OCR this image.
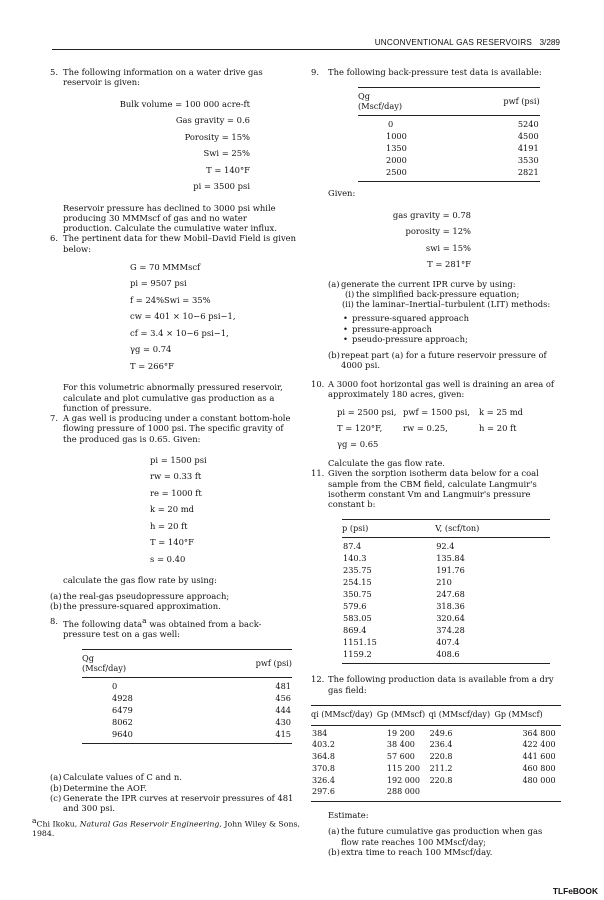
UNCONVENTIONAL GAS RESERVOIRS 3/289
5. The following information on a water drive gas reservoir is given:
Bulk volume = 100 000 acre-ft
Gas gravity = 0.6
Porosity = 15%
Swi = 25%
T = 140°F
pi = 3500 psi
Reservoir pressure has declined to 3000 psi while producing 30 MMMscf of gas and no water production. Calculate the cumulative water influx.
6. The pertinent data for thew Mobil–David Field is given below:
G = 70 MMMscf
pi = 9507 psi
f = 24%Swi = 35%
cw = 401 × 10−6 psi−1,
cf = 3.4 × 10−6 psi−1,
γg = 0.74
T = 266°F
For this volumetric abnormally pressured reservoir, calculate and plot cumulative gas production as a function of pressure.
7. A gas well is producing under a constant bottom-hole flowing pressure of 1000 psi. The specific gravity of the produced gas is 0.65. Given:
pi = 1500 psi
rw = 0.33 ft
re = 1000 ft
k = 20 md
h = 20 ft
T = 140°F
s = 0.40
calculate the gas flow rate by using:
(a) the real-gas pseudopressure approach;
(b) the pressure-squared approximation.
8. The following data$^a$ was obtained from a back-pressure test on a gas well:
Qg (Mscf/day)	pwf (psi)
0	481
4928	456
6479	444
8062	430
9640	415
(a) Calculate values of C and n.
(b) Determine the AOF.
(c) Generate the IPR curves at reservoir pressures of 481 and 300 psi.
$^a$Chi Ikoku, Natural Gas Reservoir Engineering, John Wiley & Sons, 1984.
9. The following back-pressure test data is available:
Qg (Mscf/day)	pwf (psi)
0	5240
1000	4500
1350	4191
2000	3530
2500	2821
Given:
gas gravity = 0.78
porosity = 12%
swi = 15%
T = 281°F
(a) generate the current IPR curve by using:
(i) the simplified back-pressure equation;
(ii) the laminar–Inertial–turbulent (LIT) methods:
• pressure-squared approach
• pressure-approach
• pseudo-pressure approach;
(b) repeat part (a) for a future reservoir pressure of 4000 psi.
10. A 3000 foot horizontal gas well is draining an area of approximately 180 acres, given:
pi = 2500 psi, pwf = 1500 psi, k = 25 md
T = 120°F, rw = 0.25,	h = 20 ft
γg = 0.65
Calculate the gas flow rate.
11. Given the sorption isotherm data below for a coal sample from the CBM field, calculate Langmuir's isotherm constant Vm and Langmuir's pressure constant b:
p (psi)	V, (scf/ton)
87.4	92.4
140.3	135.84
235.75	191.76
254.15	210
350.75	247.68
579.6	318.36
583.05	320.64
869.4	374.28
1151.15	407.4
1159.2	408.6
12. The following production data is available from a dry gas field:
qi (MMscf/day)	Gp (MMscf)	qi (MMscf/day)	Gp (MMscf)
384	19 200	249.6	364 800
403.2	38 400	236.4	422 400
364.8	57 600	220.8	441 600
370.8	115 200	211.2	460 800
326.4	192 000	220.8	480 000
297.6	288 000		
Estimate:
(a) the future cumulative gas production when gas flow rate reaches 100 MMscf/day;
(b) extra time to reach 100 MMscf/day.
TLFeBOOK
